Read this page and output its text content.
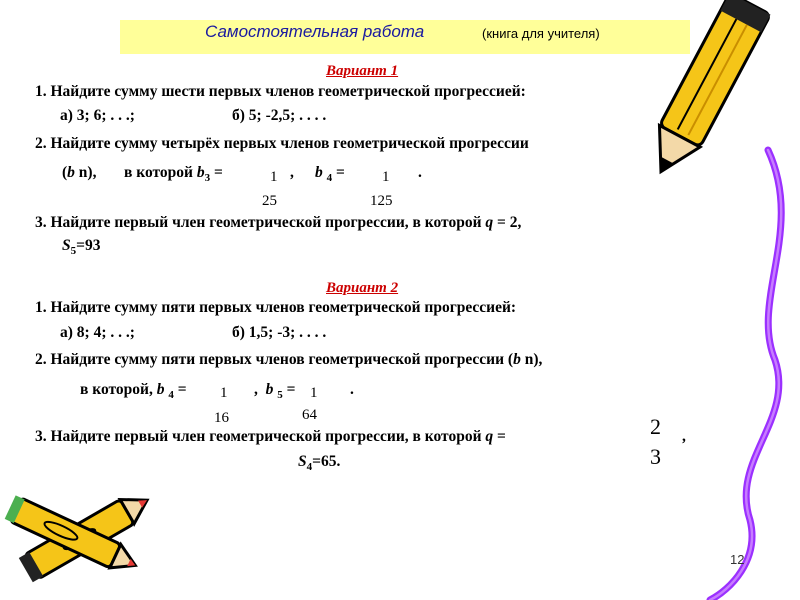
Самостоятельная работа	(книга для учителя)
Вариант 1
1. Найдите сумму шести первых членов геометрической прогрессией:
а) 3; 6; . . .;	б) 5; -2,5; . . . .
2. Найдите сумму четырёх первых членов геометрической прогрессии
(b n), в которой $b_3$ =	1
25
, b $_4$ = 1
125
.
3. Найдите первый член геометрической прогрессии, в которой q = 2,
$S_5=93$
Вариант 2
1. Найдите сумму пяти первых членов геометрической прогрессией:
а) 8; 4; . . .;	б) 1,5; -3; . . . .
2. Найдите сумму пяти первых членов геометрической прогрессии (b n),
в которой, b $_4$ = 1
16
, b $_5$ = 1
64
.
3. Найдите первый член геометрической прогрессии, в которой q =	2
3
,
$S_4=65$.
12
